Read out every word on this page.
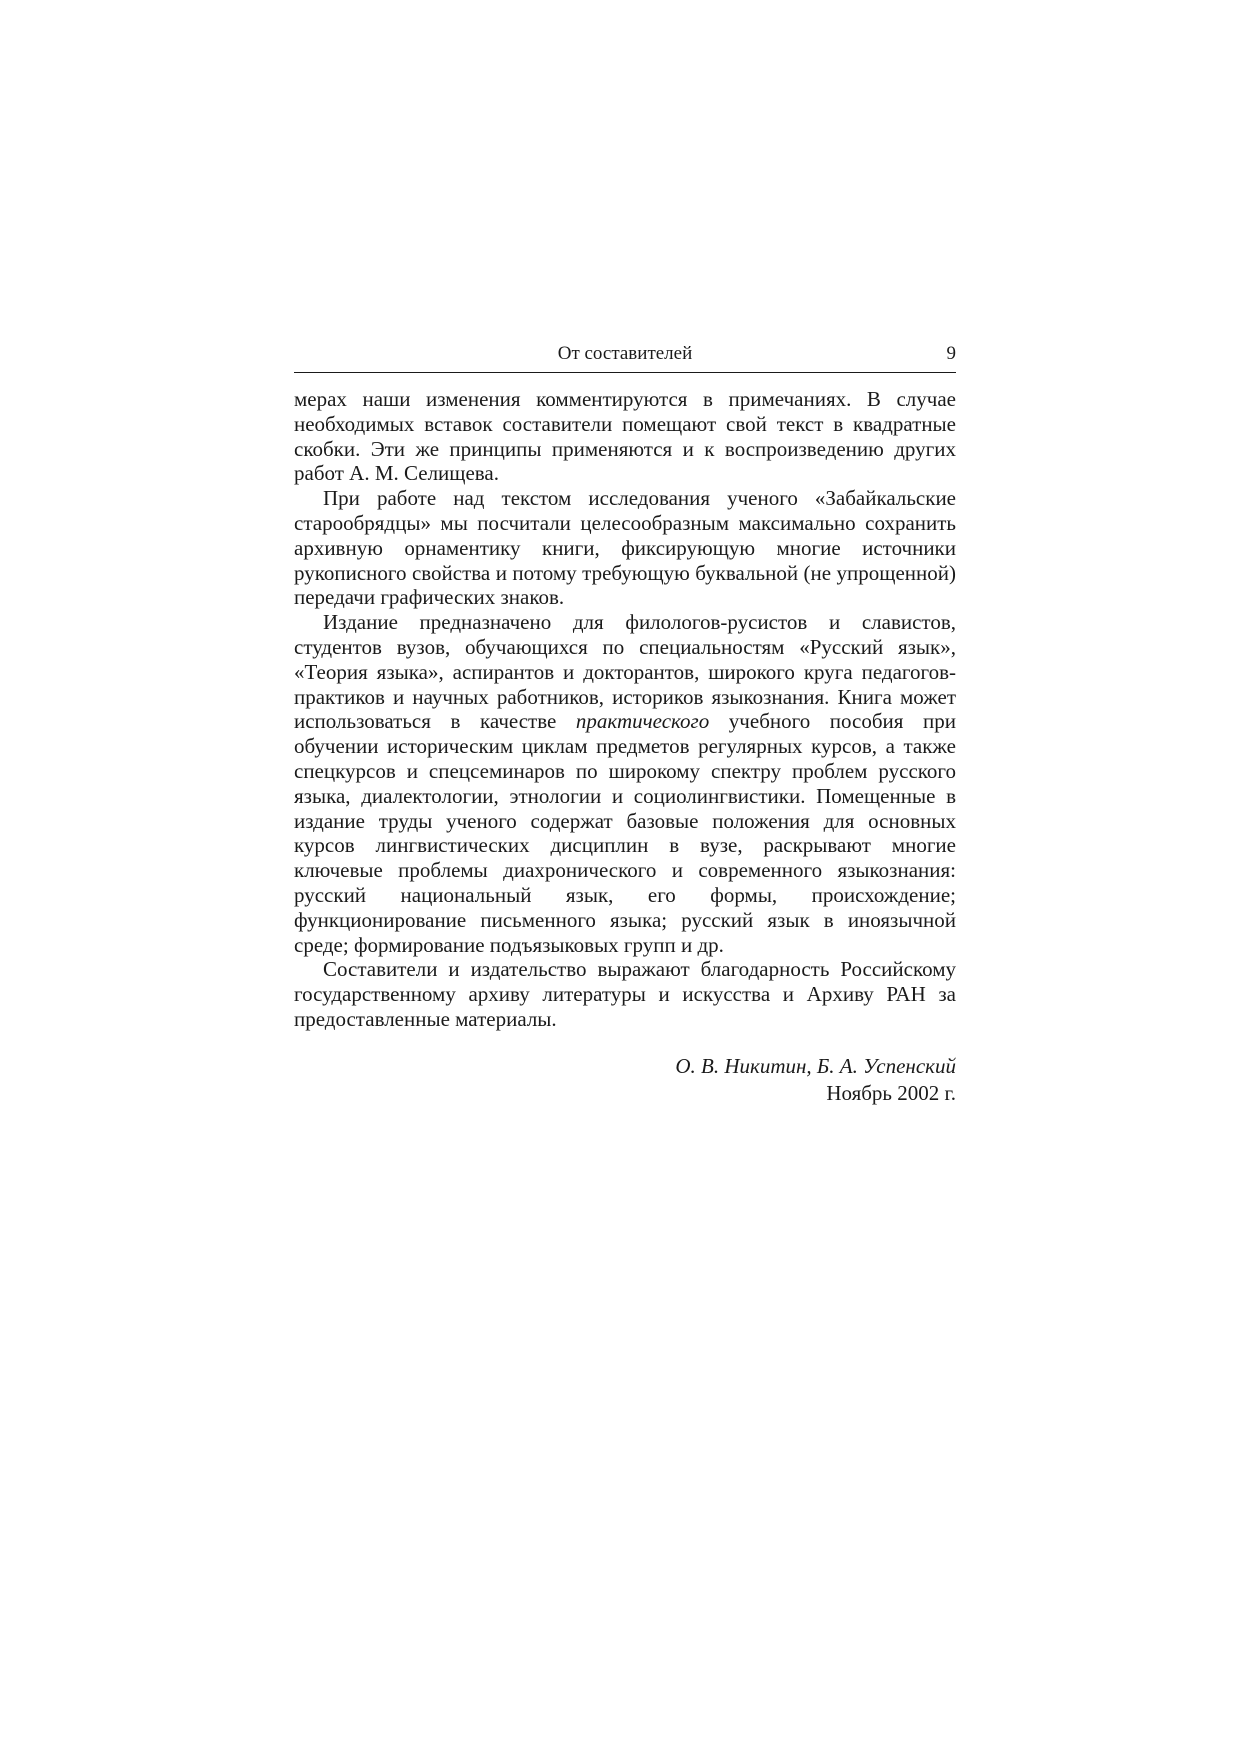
От составителей	9

мерах наши изменения комментируются в примечаниях. В случае необходимых вставок составители помещают свой текст в квадратные скобки. Эти же принципы применяются и к воспроизведению других работ А. М. Селищева.

При работе над текстом исследования ученого «Забайкальские старообрядцы» мы посчитали целесообразным максимально сохранить архивную орнаментику книги, фиксирующую многие источники рукописного свойства и потому требующую буквальной (не упрощенной) передачи графических знаков.

Издание предназначено для филологов-русистов и славистов, студентов вузов, обучающихся по специальностям «Русский язык», «Теория языка», аспирантов и докторантов, широкого круга педагогов-практиков и научных работников, историков языкознания. Книга может использоваться в качестве практического учебного пособия при обучении историческим циклам предметов регулярных курсов, а также спецкурсов и спецсеминаров по широкому спектру проблем русского языка, диалектологии, этнологии и социолингвистики. Помещенные в издание труды ученого содержат базовые положения для основных курсов лингвистических дисциплин в вузе, раскрывают многие ключевые проблемы диахронического и современного языкознания: русский национальный язык, его формы, происхождение; функционирование письменного языка; русский язык в иноязычной среде; формирование подъязыковых групп и др.

Составители и издательство выражают благодарность Российскому государственному архиву литературы и искусства и Архиву РАН за предоставленные материалы.

О. В. Никитин, Б. А. Успенский
Ноябрь 2002 г.
